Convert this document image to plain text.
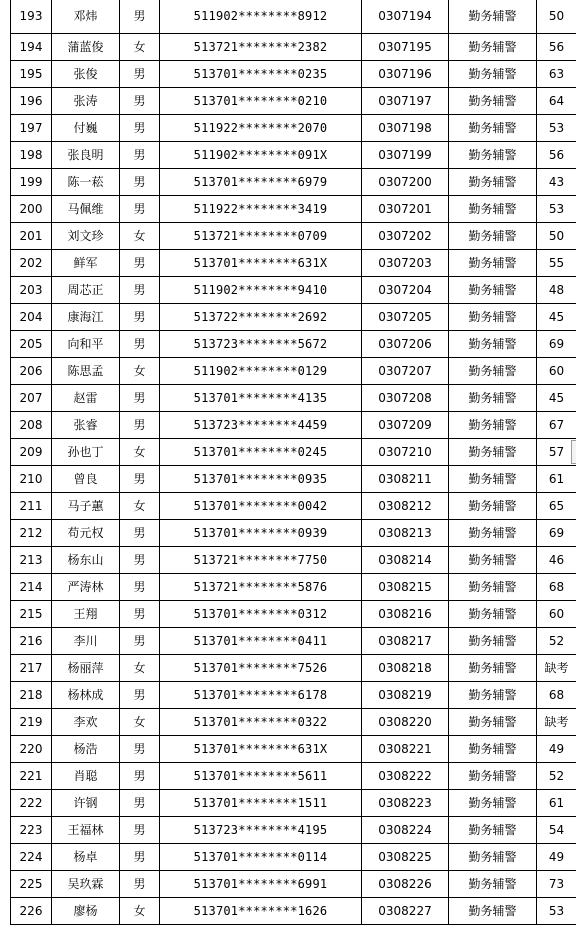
193	邓炜	男	511902********8912	0307194	勤务辅警	50
194	蒲蓝俊	女	513721********2382	0307195	勤务辅警	56
195	张俊	男	513701********0235	0307196	勤务辅警	63
196	张涛	男	513701********0210	0307197	勤务辅警	64
197	付巍	男	511922********2070	0307198	勤务辅警	53
198	张良明	男	511902********091X	0307199	勤务辅警	56
199	陈一菘	男	513701********6979	0307200	勤务辅警	43
200	马佩维	男	511922********3419	0307201	勤务辅警	53
201	刘文珍	女	513721********0709	0307202	勤务辅警	50
202	鲜军	男	513701********631X	0307203	勤务辅警	55
203	周芯正	男	511902********9410	0307204	勤务辅警	48
204	康海江	男	513722********2692	0307205	勤务辅警	45
205	向和平	男	513723********5672	0307206	勤务辅警	69
206	陈思孟	女	511902********0129	0307207	勤务辅警	60
207	赵雷	男	513701********4135	0307208	勤务辅警	45
208	张睿	男	513723********4459	0307209	勤务辅警	67
209	孙也丁	女	513701********0245	0307210	勤务辅警	57
210	曾良	男	513701********0935	0308211	勤务辅警	61
211	马子蕙	女	513701********0042	0308212	勤务辅警	65
212	苟元权	男	513701********0939	0308213	勤务辅警	69
213	杨东山	男	513721********7750	0308214	勤务辅警	46
214	严涛林	男	513721********5876	0308215	勤务辅警	68
215	王翔	男	513701********0312	0308216	勤务辅警	60
216	李川	男	513701********0411	0308217	勤务辅警	52
217	杨丽萍	女	513701********7526	0308218	勤务辅警	缺考
218	杨林成	男	513701********6178	0308219	勤务辅警	68
219	李欢	女	513701********0322	0308220	勤务辅警	缺考
220	杨浩	男	513701********631X	0308221	勤务辅警	49
221	肖聪	男	513701********5611	0308222	勤务辅警	52
222	许钢	男	513701********1511	0308223	勤务辅警	61
223	王福林	男	513723********4195	0308224	勤务辅警	54
224	杨卓	男	513701********0114	0308225	勤务辅警	49
225	吴玖霖	男	513701********6991	0308226	勤务辅警	73
226	廖杨	女	513701********1626	0308227	勤务辅警	53
